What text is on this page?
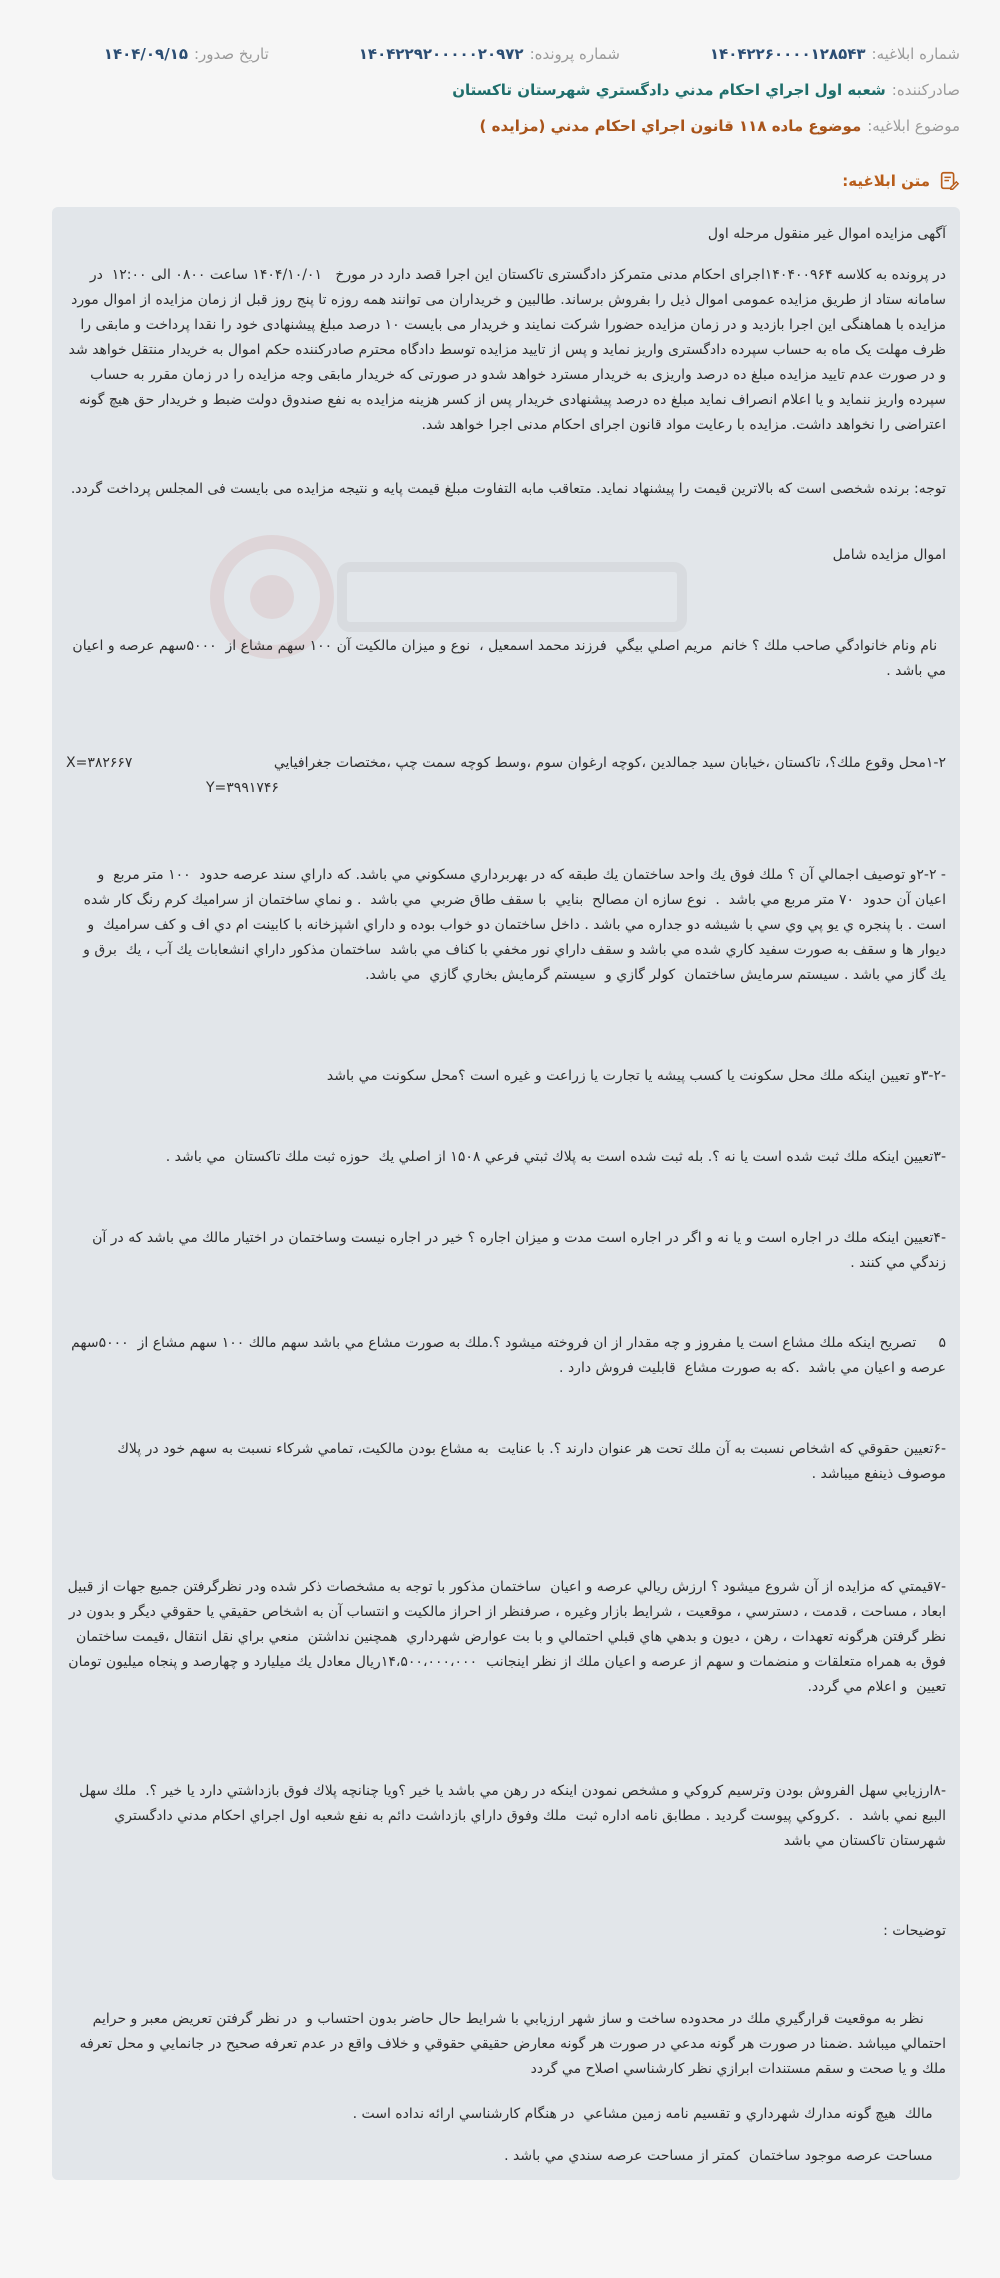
شماره ابلاغیه:
۱۴۰۴۲۲۶۰۰۰۰۱۲۸۵۴۳
شماره پرونده:
۱۴۰۴۲۲۹۲۰۰۰۰۰۲۰۹۷۲
تاریخ صدور:
۱۴۰۴/۰۹/۱۵
صادرکننده:
شعبه اول اجراي احکام مدني دادگستري شهرستان تاکستان
موضوع ابلاغیه:
موضوع ماده ۱۱۸ قانون اجراي احکام مدني (مزايده )
متن ابلاغیه:
آگهی مزایده اموال غیر منقول مرحله اول
در پرونده به کلاسه ۱۴۰۴۰۰۹۶۴اجرای احکام مدنی متمرکز دادگستری تاکستان این اجرا قصد دارد در مورخ   ۱۴۰۴/۱۰/۰۱ ساعت ۰۸۰۰ الی ۱۲:۰۰  در سامانه ستاد از طریق مزایده عمومی اموال ذیل را بفروش برساند. طالبین و خریداران می توانند همه روزه تا پنج روز قبل از زمان مزایده از اموال مورد مزایده با هماهنگی این اجرا بازدید و در زمان مزایده حضورا شرکت نمایند و خریدار می بایست ۱۰ درصد مبلغ پیشنهادی خود را نقدا پرداخت و مابقی را ظرف مهلت یک ماه به حساب سپرده دادگستری واریز نماید و پس از تایید مزایده توسط دادگاه محترم صادرکننده حکم اموال به خریدار منتقل خواهد شد و در صورت عدم تایید مزایده مبلغ ده درصد واریزی به خریدار مسترد خواهد شدو در صورتی که خریدار مابقی وجه مزایده را در زمان مقرر به حساب سپرده واریز ننماید و یا اعلام انصراف نماید مبلغ ده درصد پیشنهادی خریدار پس از کسر هزینه مزایده به نفع صندوق دولت ضبط و خریدار حق هیچ گونه اعتراضی را نخواهد داشت. مزایده با رعایت مواد قانون اجرای احکام مدنی اجرا خواهد شد.
توجه: برنده شخصی است که بالاترین قیمت را پیشنهاد نماید. متعاقب مابه التفاوت مبلغ قیمت پایه و نتیجه مزایده می بایست فی المجلس پرداخت گردد.
اموال مزایده شامل
نام ونام خانوادگي صاحب ملك ؟ خانم  مريم اصلي بيگي  فرزند محمد اسمعيل ،  نوع و ميزان مالكيت آن ١٠٠ سهم مشاع از  ۵۰۰۰سهم عرصه و اعيان مي باشد .
٢-١محل وقوع ملك؟، تاكستان ،خيابان سيد جمالدين ،كوچه ارغوان سوم ،وسط كوچه سمت چپ ،مختصات جغرافيايي
X=۳۸۲۶۶۷
Y=۳۹۹۱۷۴۶
- ٢-٢و توصيف اجمالي آن ؟ ملك فوق يك واحد ساختمان يك طبقه كه در بهربرداري مسكوني مي باشد. كه داراي سند عرصه حدود  ١٠٠ متر مربع  و اعيان آن حدود  ٧٠ متر مربع مي باشد  .  نوع سازه ان مصالح  بنايي  با سقف طاق ضربي  مي باشد  . و نماي ساختمان از سراميك كرم رنگ كار شده است . با پنجره ي يو پي وي سي با شيشه دو جداره مي باشد . داخل ساختمان دو خواب بوده و داراي اشپزخانه با كابينت ام دي اف و كف سراميك  و ديوار ها و سقف به صورت سفيد كاري شده مي باشد و سقف داراي نور مخفي با كناف مي باشد  ساختمان مذكور داراي انشعابات يك آب ، يك  برق و يك گاز مي باشد . سيستم سرمايش ساختمان  كولر گازي و  سيستم گرمايش بخاري گازي  مي باشد.
-٢-٣و تعيين اينكه ملك محل سكونت يا كسب پيشه يا تجارت يا زراعت و غيره است ؟محل سكونت مي باشد
-٣تعيين اينكه ملك ثبت شده است يا نه ؟. بله ثبت شده است به پلاك ثبتي فرعي ١۵٠٨ از اصلي يك  حوزه ثبت ملك تاكستان  مي باشد .
-۴تعيين اينكه ملك در اجاره است و يا نه و اگر در اجاره است مدت و ميزان اجاره ؟ خير در اجاره نيست وساختمان در اختيار مالك مي باشد كه در آن زندگي مي كنند .
۵     تصريح اينكه ملك مشاع است يا مفروز و چه مقدار از ان فروخته ميشود ؟.ملك به صورت مشاع مي باشد سهم مالك ١٠٠ سهم مشاع از  ۵۰۰۰سهم عرصه و اعيان مي باشد  .كه به صورت مشاع  قابليت فروش دارد .
-۶تعيين حقوقي كه اشخاص نسبت به آن ملك تحت هر عنوان دارند ؟. با عنايت  به مشاع بودن مالكيت، تمامي شركاء نسبت به سهم خود در پلاك موصوف ذينفع ميباشد .
-٧قيمتي كه مزايده از آن شروع ميشود ؟ ارزش ريالي عرصه و اعيان  ساختمان مذكور با توجه به مشخصات ذكر شده ودر نظرگرفتن جميع جهات از قبيل ابعاد ، مساحت ، قدمت ، دسترسي ، موقعيت ، شرايط بازار وغيره ، صرفنظر از احراز مالكيت و انتساب آن به اشخاص حقيقي يا حقوقي ديگر و بدون در نظر گرفتن هرگونه تعهدات ، رهن ، ديون و بدهي هاي قبلي احتمالي و با بت عوارض شهرداري  همچنين نداشتن  منعي براي نقل انتقال ،قيمت ساختمان  فوق به همراه متعلقات و منضمات و سهم از عرصه و اعيان ملك از نظر اينجانب  ۱۴،۵۰۰،۰۰۰،۰۰۰ريال معادل يك ميليارد و چهارصد و پنجاه ميليون تومان تعيين  و اعلام مي گردد.
-٨ارزيابي سهل الفروش بودن وترسيم كروكي و مشخص نمودن اينكه در رهن مي باشد يا خير ؟ويا چنانچه پلاك فوق بازداشتي دارد يا خير ؟.  ملك سهل البيع نمي باشد  .  .كروكي پيوست گرديد . مطابق نامه اداره ثبت  ملك وفوق داراي بازداشت دائم به نفع شعبه اول اجراي احكام مدني دادگستري شهرستان تاكستان مي باشد
توضيحات :
نظر به موقعيت قرارگيري ملك در محدوده ساخت و ساز شهر ارزيابي با شرايط حال حاضر بدون احتساب و  در نظر گرفتن تعريض معبر و حرايم احتمالي ميباشد .ضمنا در صورت هر گونه مدعي در صورت هر گونه معارض حقيقي حقوقي و خلاف واقع در عدم تعرفه صحيح در جانمايي و محل تعرفه ملك و يا صحت و سقم مستندات ابرازي نظر كارشناسي اصلاح مي گردد
مالك  هيچ گونه مدارك شهرداري و تقسيم نامه زمين مشاعي  در هنگام كارشناسي ارائه نداده است .
مساحت عرصه موجود ساختمان  كمتر از مساحت عرصه سندي مي باشد .
